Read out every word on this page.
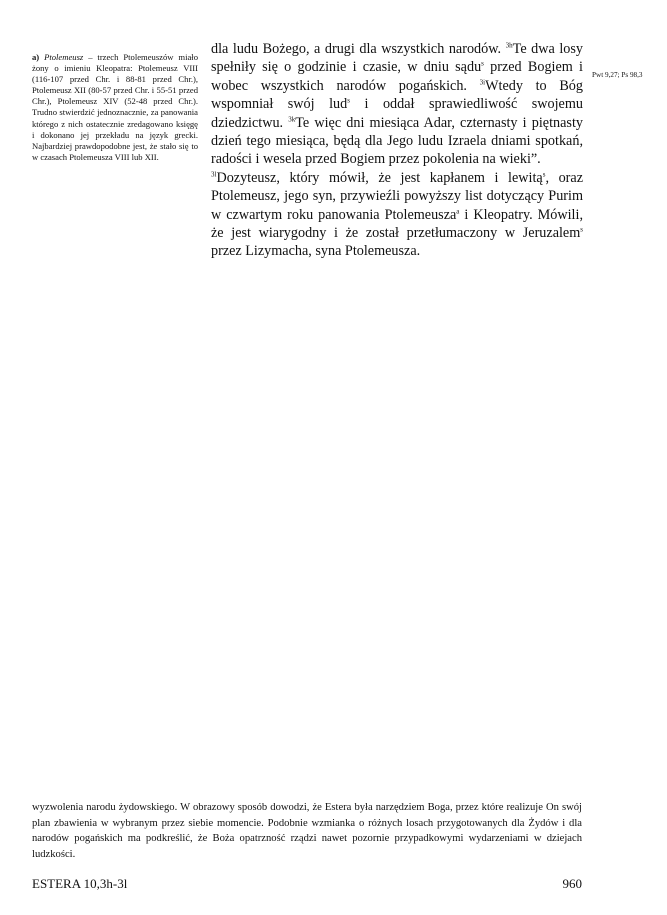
a) Ptolemeusz – trzech Ptolemeuszów miało żony o imieniu Kleopatra: Ptolemeusz VIII (116-107 przed Chr. i 88-81 przed Chr.), Ptolemeusz XII (80-57 przed Chr. i 55-51 przed Chr.), Ptolemeusz XIV (52-48 przed Chr.). Trudno stwierdzić jednoznacznie, za panowania którego z nich ostatecznie zredagowano księgę i dokonano jej przekładu na język grecki. Najbardziej prawdopodobne jest, że stało się to w czasach Ptolemeusza VIII lub XII.

dla ludu Bożego, a drugi dla wszystkich narodów. $^{3h}$Te dwa losy spełniły się o godzinie i czasie, w dniu sądu$^s$ przed Bogiem i wobec wszystkich narodów pogańskich. $^{3i}$Wtedy to Bóg wspomniał swój lud$^s$ i oddał sprawiedliwość swojemu dziedzictwu. $^{3k}$Te więc dni miesiąca Adar, czternasty i piętnasty dzień tego miesiąca, będą dla Jego ludu Izraela dniami spotkań, radości i wesela przed Bogiem przez pokolenia na wieki”.

$^{3l}$Dozyteusz, który mówił, że jest kapłanem i lewitą$^s$, oraz Ptolemeusz, jego syn, przywieźli powyższy list dotyczący Purim w czwartym roku panowania Ptolemeusza$^a$ i Kleopatry. Mówili, że jest wiarygodny i że został przetłumaczony w Jeruzalem$^s$ przez Lizymacha, syna Ptolemeusza.

Pwt 9,27; Ps 98,3
wyzwolenia narodu żydowskiego. W obrazowy sposób dowodzi, że Estera była narzędziem Boga, przez które realizuje On swój plan zbawienia w wybranym przez siebie momencie. Podobnie wzmianka o różnych losach przygotowanych dla Żydów i dla narodów pogańskich ma podkreślić, że Boża opatrzność rządzi nawet pozornie przypadkowymi wydarzeniami w dziejach ludzkości.
ESTERA 10,3h-3l	960
